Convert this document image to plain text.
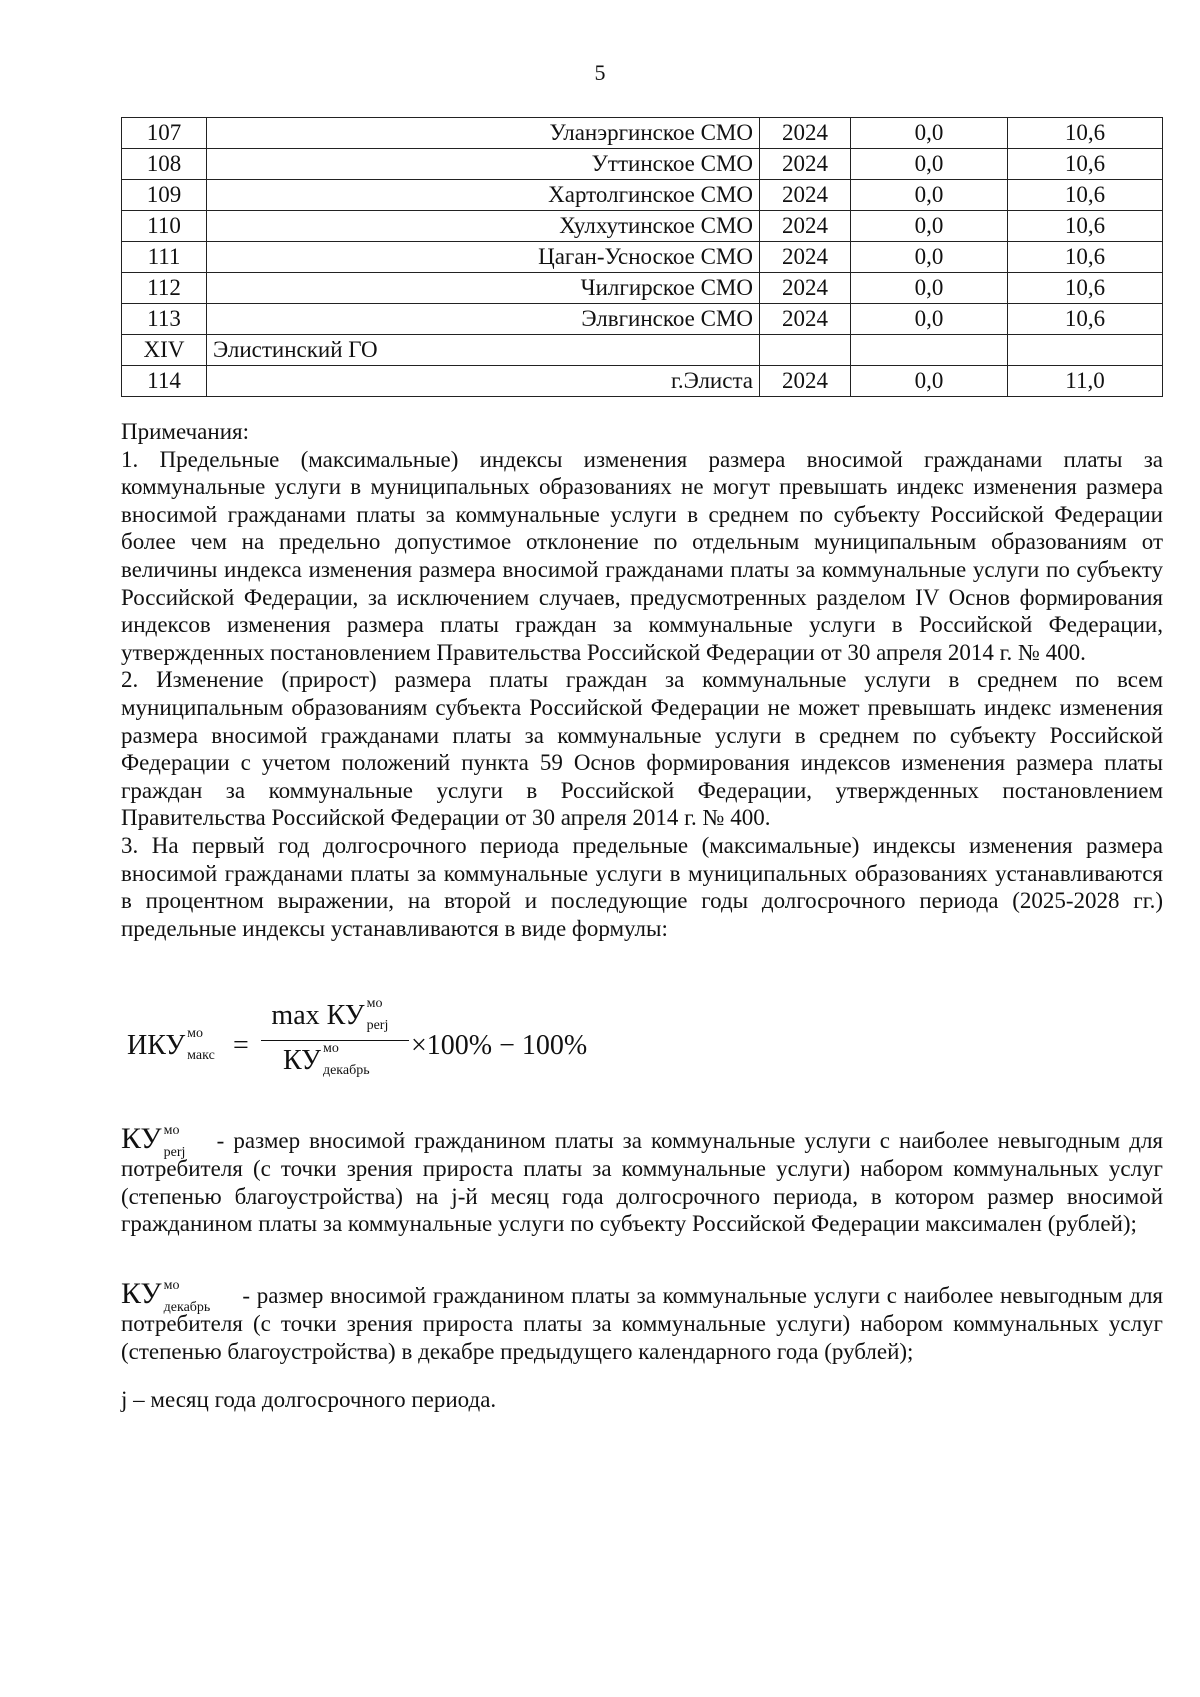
5
107	Уланэргинское СМО	2024	0,0	10,6
108	Уттинское СМО	2024	0,0	10,6
109	Хартолгинское СМО	2024	0,0	10,6
110	Хулхутинское СМО	2024	0,0	10,6
111	Цаган-Усноское СМО	2024	0,0	10,6
112	Чилгирское СМО	2024	0,0	10,6
113	Элвгинское СМО	2024	0,0	10,6
XIV	Элистинский ГО			
114	г.Элиста	2024	0,0	11,0

Примечания:

1. Предельные (максимальные) индексы изменения размера вносимой гражданами платы за коммунальные услуги в муниципальных образованиях не могут превышать индекс изменения размера вносимой гражданами платы за коммунальные услуги в среднем по субъекту Российской Федерации более чем на предельно допустимое отклонение по отдельным муниципальным образованиям от величины индекса изменения размера вносимой гражданами платы за коммунальные услуги по субъекту Российской Федерации, за исключением случаев, предусмотренных разделом IV Основ формирования индексов изменения размера платы граждан за коммунальные услуги в Российской Федерации, утвержденных постановлением Правительства Российской Федерации от 30 апреля 2014 г. № 400.

2. Изменение (прирост) размера платы граждан за коммунальные услуги в среднем по всем муниципальным образованиям субъекта Российской Федерации не может превышать индекс изменения размера вносимой гражданами платы за коммунальные услуги в среднем по субъекту Российской Федерации с учетом положений пункта 59 Основ формирования индексов изменения размера платы граждан за коммунальные услуги в Российской Федерации, утвержденных постановлением Правительства Российской Федерации от 30 апреля 2014 г. № 400.

3. На первый год долгосрочного периода предельные (максимальные) индексы изменения размера вносимой гражданами платы за коммунальные услуги в муниципальных образованиях устанавливаются в процентном выражении, на второй и последующие годы долгосрочного периода (2025-2028 гг.) предельные индексы устанавливаются в виде формулы:

ИКУ мо
макс =
max КУ мо
perj
КУ мо
декабрь
×100% − 100%
КУ мо
perj - размер вносимой гражданином платы за коммунальные услуги с наиболее невыгодным для потребителя (с точки зрения прироста платы за коммунальные услуги) набором коммунальных услуг (степенью благоустройства) на j-й месяц года долгосрочного периода, в котором размер вносимой гражданином платы за коммунальные услуги по субъекту Российской Федерации максимален (рублей);
КУ мо
декабрь - размер вносимой гражданином платы за коммунальные услуги с наиболее невыгодным для потребителя (с точки зрения прироста платы за коммунальные услуги) набором коммунальных услуг (степенью благоустройства) в декабре предыдущего календарного года (рублей);
j – месяц года долгосрочного периода.
